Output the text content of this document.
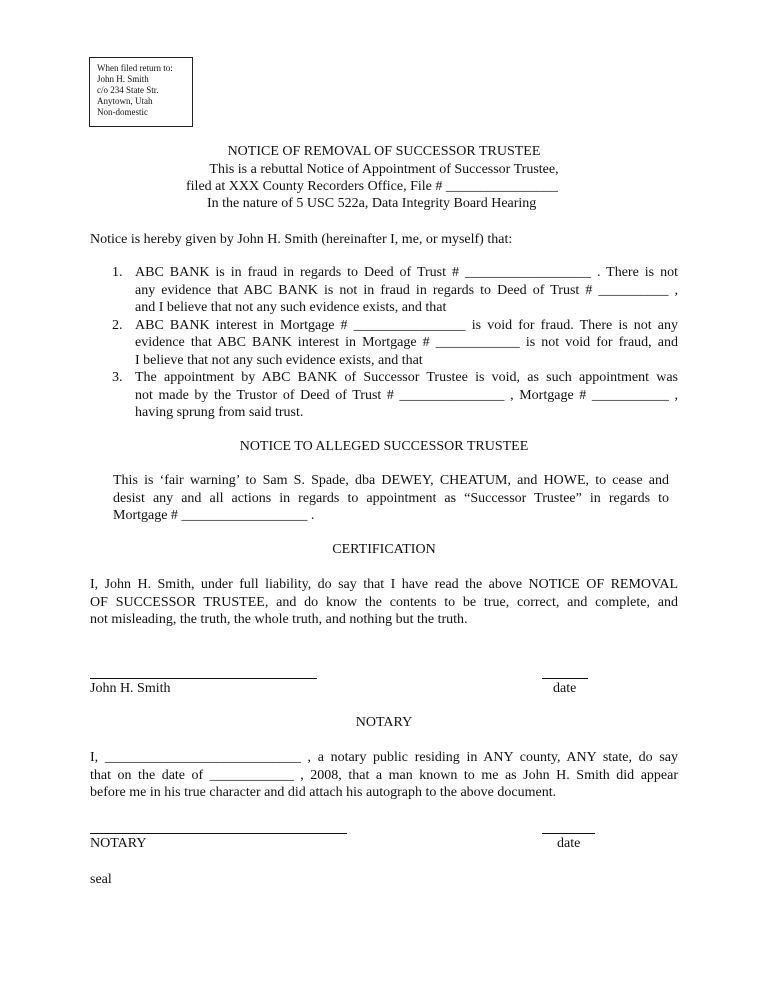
When filed return to:
John H. Smith
c/o 234 State Str.
Anytown, Utah
Non-domestic
NOTICE OF REMOVAL OF SUCCESSOR TRUSTEE
This is a rebuttal Notice of Appointment of Successor Trustee,
filed at XXX County Recorders Office, File # ________________
In the nature of 5 USC 522a, Data Integrity Board Hearing
Notice is hereby given by John H. Smith (hereinafter I, me, or myself) that:
1. ABC BANK is in fraud in regards to Deed of Trust # __________________ . There is not
any evidence that ABC BANK is not in fraud in regards to Deed of Trust # __________ ,
and I believe that not any such evidence exists, and that
2. ABC BANK interest in Mortgage # ________________ is void for fraud. There is not any
evidence that ABC BANK interest in Mortgage # ____________ is not void for fraud, and
I believe that not any such evidence exists, and that
3. The appointment by ABC BANK of Successor Trustee is void, as such appointment was
not made by the Trustor of Deed of Trust # _______________ , Mortgage # ___________ ,
having sprung from said trust.
NOTICE TO ALLEGED SUCCESSOR TRUSTEE
This is ‘fair warning’ to Sam S. Spade, dba DEWEY, CHEATUM, and HOWE, to cease and
desist any and all actions in regards to appointment as “Successor Trustee” in regards to
Mortgage # __________________ .
CERTIFICATION
I, John H. Smith, under full liability, do say that I have read the above NOTICE OF REMOVAL
OF SUCCESSOR TRUSTEE, and do know the contents to be true, correct, and complete, and
not misleading, the truth, the whole truth, and nothing but the truth.
John H. Smith	date
NOTARY
I, ____________________________ , a notary public residing in ANY county, ANY state, do say
that on the date of ____________ , 2008, that a man known to me as John H. Smith did appear
before me in his true character and did attach his autograph to the above document.
NOTARY	date
seal
